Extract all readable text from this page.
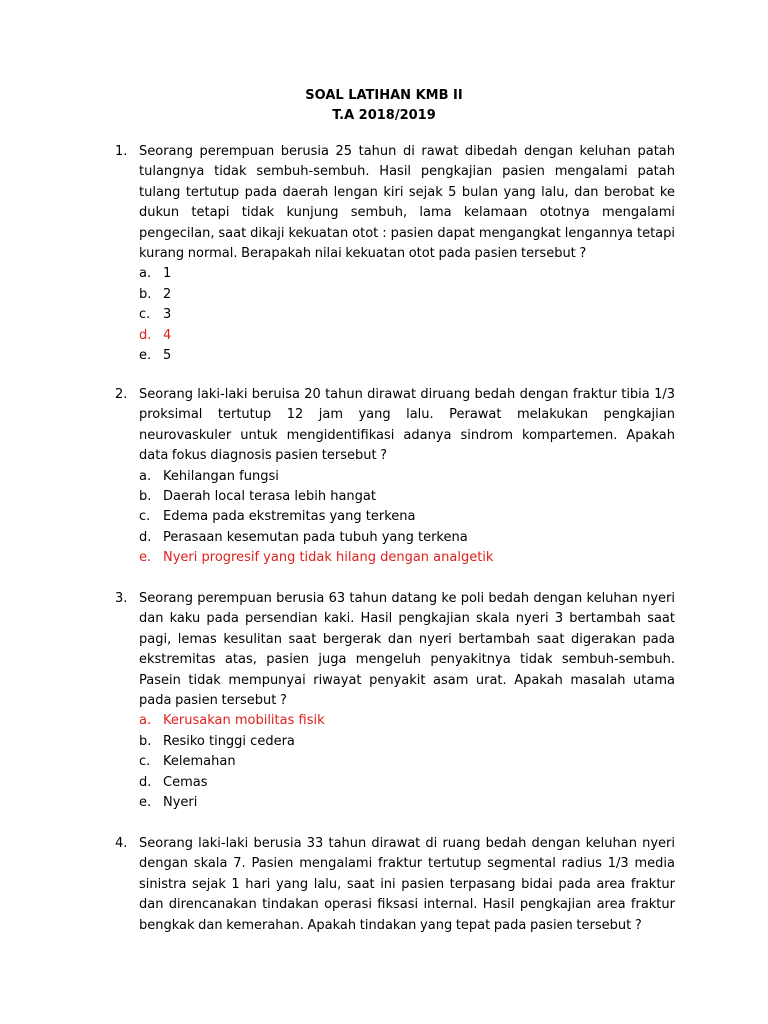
SOAL LATIHAN KMB II
T.A 2018/2019
1. Seorang perempuan berusia 25 tahun di rawat dibedah dengan keluhan patah tulangnya tidak sembuh-sembuh. Hasil pengkajian pasien mengalami patah tulang tertutup pada daerah lengan kiri sejak 5 bulan yang lalu, dan berobat ke dukun tetapi tidak kunjung sembuh, lama kelamaan ototnya mengalami pengecilan, saat dikaji kekuatan otot : pasien dapat mengangkat lengannya tetapi kurang normal. Berapakah nilai kekuatan otot pada pasien tersebut ?
a. 1
b. 2
c. 3
d. 4
e. 5
2. Seorang laki-laki beruisa 20 tahun dirawat diruang bedah dengan fraktur tibia 1/3 proksimal tertutup 12 jam yang lalu. Perawat melakukan pengkajian neurovaskuler untuk mengidentifikasi adanya sindrom kompartemen. Apakah data fokus diagnosis pasien tersebut ?
a. Kehilangan fungsi
b. Daerah local terasa lebih hangat
c. Edema pada ekstremitas yang terkena
d. Perasaan kesemutan pada tubuh yang terkena
e. Nyeri progresif yang tidak hilang dengan analgetik
3. Seorang perempuan berusia 63 tahun datang ke poli bedah dengan keluhan nyeri dan kaku pada persendian kaki. Hasil pengkajian skala nyeri 3 bertambah saat pagi, lemas kesulitan saat bergerak dan nyeri bertambah saat digerakan pada ekstremitas atas, pasien juga mengeluh penyakitnya tidak sembuh-sembuh. Pasein tidak mempunyai riwayat penyakit asam urat. Apakah masalah utama pada pasien tersebut ?
a. Kerusakan mobilitas fisik
b. Resiko tinggi cedera
c. Kelemahan
d. Cemas
e. Nyeri
4. Seorang laki-laki berusia 33 tahun dirawat di ruang bedah dengan keluhan nyeri dengan skala 7. Pasien mengalami fraktur tertutup segmental radius 1/3 media sinistra sejak 1 hari yang lalu, saat ini pasien terpasang bidai pada area fraktur dan direncanakan tindakan operasi fiksasi internal. Hasil pengkajian area fraktur bengkak dan kemerahan. Apakah tindakan yang tepat pada pasien tersebut ?
